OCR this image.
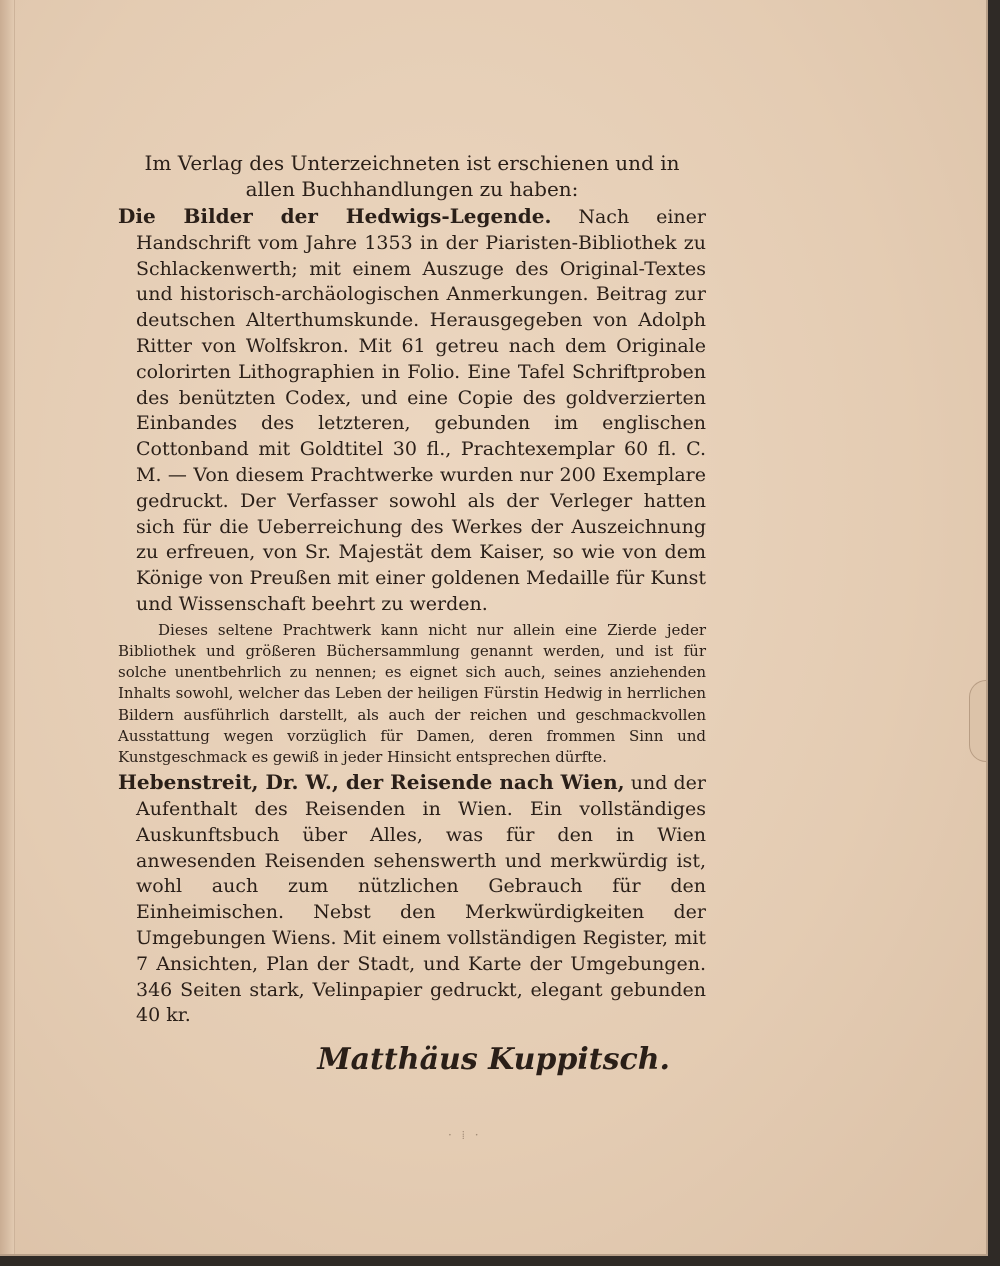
Im Verlag des Unterzeichneten ist erschienen und in allen Buchhandlungen zu haben:

Die Bilder der Hedwigs-Legende. Nach einer Handschrift vom Jahre 1353 in der Piaristen-Bibliothek zu Schlackenwerth; mit einem Auszuge des Original-Textes und historisch-archäologischen Anmerkungen. Beitrag zur deutschen Alterthumskunde. Herausgegeben von Adolph Ritter von Wolfskron. Mit 61 getreu nach dem Originale colorirten Lithographien in Folio. Eine Tafel Schriftproben des benützten Codex, und eine Copie des goldverzierten Einbandes des letzteren, gebunden im englischen Cottonband mit Goldtitel 30 fl., Prachtexemplar 60 fl. C. M. — Von diesem Prachtwerke wurden nur 200 Exemplare gedruckt. Der Verfasser sowohl als der Verleger hatten sich für die Ueberreichung des Werkes der Auszeichnung zu erfreuen, von Sr. Majestät dem Kaiser, so wie von dem Könige von Preußen mit einer goldenen Medaille für Kunst und Wissenschaft beehrt zu werden.

Dieses seltene Prachtwerk kann nicht nur allein eine Zierde jeder Bibliothek und größeren Büchersammlung genannt werden, und ist für solche unentbehrlich zu nennen; es eignet sich auch, seines anziehenden Inhalts sowohl, welcher das Leben der heiligen Fürstin Hedwig in herrlichen Bildern ausführlich darstellt, als auch der reichen und geschmackvollen Ausstattung wegen vorzüglich für Damen, deren frommen Sinn und Kunstgeschmack es gewiß in jeder Hinsicht entsprechen dürfte.

Hebenstreit, Dr. W., der Reisende nach Wien, und der Aufenthalt des Reisenden in Wien. Ein vollständiges Auskunftsbuch über Alles, was für den in Wien anwesenden Reisenden sehenswerth und merkwürdig ist, wohl auch zum nützlichen Gebrauch für den Einheimischen. Nebst den Merkwürdigkeiten der Umgebungen Wiens. Mit einem vollständigen Register, mit 7 Ansichten, Plan der Stadt, und Karte der Umgebungen. 346 Seiten stark, Velinpapier gedruckt, elegant gebunden 40 kr.

Matthäus Kuppitsch.

· ⁞ ·
